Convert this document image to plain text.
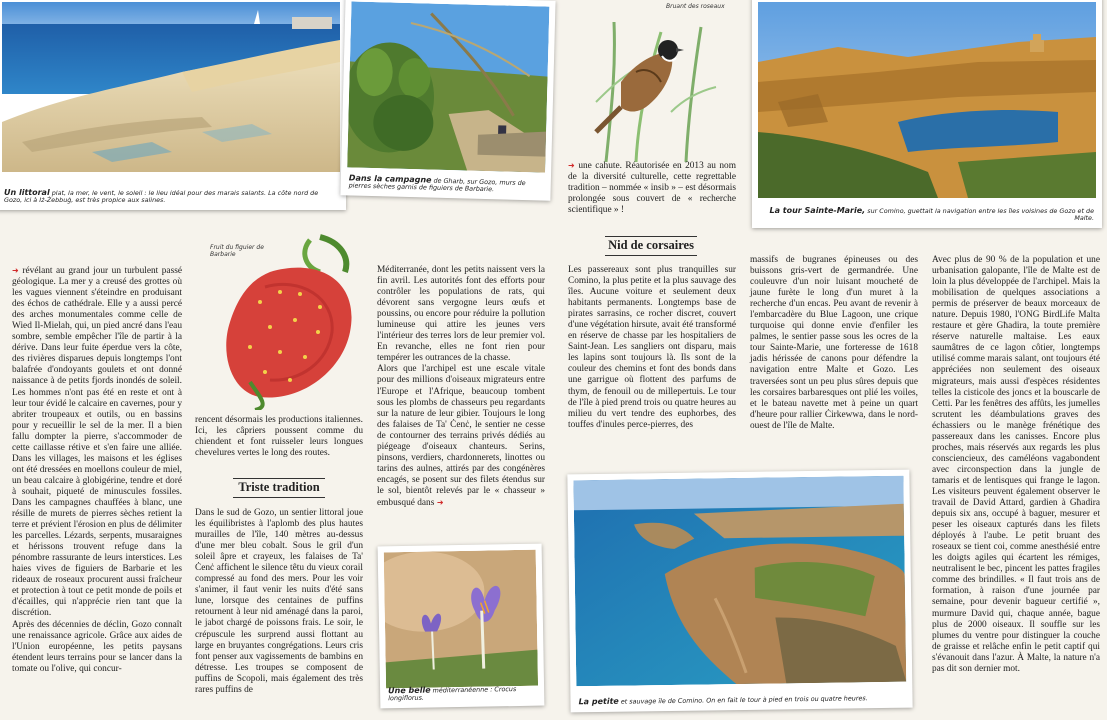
Un littoral plat, la mer, le vent, le soleil : le lieu idéal pour des marais salants. La côte nord de Gozo, ici à Iż-Żebbuġ, est très propice aux salines.
Dans la campagne de Gharb, sur Gozo, murs de pierres sèches garnis de figuiers de Barbarie.
Bruant des roseaux

➜ une cahute. Réautorisée en 2013 au nom de la diversité culturelle, cette regrettable tradition – nommée « insib » – est désormais prolongée sous couvert de « recherche scientifique » !	La tour Sainte-Marie, sur Comino, guettait la navigation entre les îles voisines de Gozo et de Malte.
Fruit du figuier de Barbarie

➜ révélant au grand jour un turbulent passé géologique. La mer y a creusé des grottes où les vagues viennent s'éteindre en produisant des échos de cathédrale. Elle y a aussi percé des arches monumentales comme celle de Wied Il-Mielah, qui, un pied ancré dans l'eau sombre, semble empêcher l'île de partir à la dérive. Dans leur fuite éperdue vers la côte, des rivières disparues depuis longtemps l'ont balafrée d'ondoyants goulets et ont donné naissance à de petits fjords inondés de soleil. Les hommes n'ont pas été en reste et ont à leur tour évidé le calcaire en cavernes, pour y abriter troupeaux et outils, ou en bassins pour y recueillir le sel de la mer. Il a bien fallu dompter la pierre, s'accommoder de cette caillasse rétive et s'en faire une alliée. Dans les villages, les maisons et les églises ont été dressées en moellons couleur de miel, un beau calcaire à globigérine, tendre et doré à souhait, piqueté de minuscules fossiles. Dans les campagnes chauffées à blanc, une résille de murets de pierres sèches retient la terre et prévient l'érosion en plus de délimiter les parcelles. Lézards, serpents, musaraignes et hérissons trouvent refuge dans la pénombre rassurante de leurs interstices. Les haies vives de figuiers de Barbarie et les rideaux de roseaux procurent aussi fraîcheur et protection à tout ce petit monde de poils et d'écailles, qui n'apprécie rien tant que la discrétion.

Après des décennies de déclin, Gozo connaît une renaissance agricole. Grâce aux aides de l'Union européenne, les petits paysans étendent leurs terrains pour se lancer dans la tomate ou l'olive, qui concur-

rencent désormais les productions italiennes. Ici, les câpriers poussent comme du chiendent et font ruisseler leurs longues chevelures vertes le long des routes.

Triste tradition

Dans le sud de Gozo, un sentier littoral joue les équilibristes à l'aplomb des plus hautes murailles de l'île, 140 mètres au-dessus d'une mer bleu cobalt. Sous le gril d'un soleil âpre et crayeux, les falaises de Ta' Ċenċ affichent le silence têtu du vieux corail compressé au fond des mers. Pour les voir s'animer, il faut venir les nuits d'été sans lune, lorsque des centaines de puffins retournent à leur nid aménagé dans la paroi, le jabot chargé de poissons frais. Le soir, le crépuscule les surprend aussi flottant au large en bruyantes congrégations. Leurs cris font penser aux vagissements de bambins en détresse. Les troupes se composent de puffins de Scopoli, mais également des très rares puffins de

Méditerranée, dont les petits naissent vers la fin avril. Les autorités font des efforts pour contrôler les populations de rats, qui dévorent sans vergogne leurs œufs et poussins, ou encore pour réduire la pollution lumineuse qui attire les jeunes vers l'intérieur des terres lors de leur premier vol. En revanche, elles ne font rien pour tempérer les outrances de la chasse.

Alors que l'archipel est une escale vitale pour des millions d'oiseaux migrateurs entre l'Europe et l'Afrique, beaucoup tombent sous les plombs de chasseurs peu regardants sur la nature de leur gibier. Toujours le long des falaises de Ta' Ċenċ, le sentier ne cesse de contourner des terrains privés dédiés au piégeage d'oiseaux chanteurs. Serins, pinsons, verdiers, chardonnerets, linottes ou tarins des aulnes, attirés par des congénères encagés, se posent sur des filets étendus sur le sol, bientôt relevés par le « chasseur » embusqué dans ➜

Une belle méditerranéenne : Crocus longiflorus.
Nid de corsaires

Les passereaux sont plus tranquilles sur Comino, la plus petite et la plus sauvage des îles. Aucune voiture et seulement deux habitants permanents. Longtemps base de pirates sarrasins, ce rocher discret, couvert d'une végétation hirsute, avait été transformé en réserve de chasse par les hospitaliers de Saint-Jean. Les sangliers ont disparu, mais les lapins sont toujours là. Ils sont de la couleur des chemins et font des bonds dans une garrigue où flottent des parfums de thym, de fenouil ou de millepertuis. Le tour de l'île à pied prend trois ou quatre heures au milieu du vert tendre des euphorbes, des touffes d'inules perce-pierres, des

massifs de bugranes épineuses ou des buissons gris-vert de germandrée. Une couleuvre d'un noir luisant moucheté de jaune furète le long d'un muret à la recherche d'un encas. Peu avant de revenir à l'embarcadère du Blue Lagoon, une crique turquoise qui donne envie d'enfiler les palmes, le sentier passe sous les ocres de la tour Sainte-Marie, une forteresse de 1618 jadis hérissée de canons pour défendre la navigation entre Malte et Gozo. Les traversées sont un peu plus sûres depuis que les corsaires barbaresques ont plié les voiles, et le bateau navette met à peine un quart d'heure pour rallier Ċirkewwa, dans le nord-ouest de l'île de Malte.

La petite et sauvage île de Comino. On en fait le tour à pied en trois ou quatre heures.

Avec plus de 90 % de la population et une urbanisation galopante, l'île de Malte est de loin la plus développée de l'archipel. Mais la mobilisation de quelques associations a permis de préserver de beaux morceaux de nature. Depuis 1980, l'ONG BirdLife Malta restaure et gère Għadira, la toute première réserve naturelle maltaise. Les eaux saumâtres de ce lagon côtier, longtemps utilisé comme marais salant, ont toujours été appréciées non seulement des oiseaux migrateurs, mais aussi d'espèces résidentes telles la cisticole des joncs et la bouscarle de Cetti. Par les fenêtres des affûts, les jumelles scrutent les déambulations graves des échassiers ou le manège frénétique des passereaux dans les canisses. Encore plus proches, mais réservés aux regards les plus consciencieux, des caméléons vagabondent avec circonspection dans la jungle de tamaris et de lentisques qui frange le lagon. Les visiteurs peuvent également observer le travail de David Attard, gardien à Għadira depuis six ans, occupé à baguer, mesurer et peser les oiseaux capturés dans les filets déployés à l'aube. Le petit bruant des roseaux se tient coi, comme anesthésié entre les doigts agiles qui écartent les rémiges, neutralisent le bec, pincent les pattes fragiles comme des brindilles. « Il faut trois ans de formation, à raison d'une journée par semaine, pour devenir bagueur certifié », murmure David qui, chaque année, bague plus de 2000 oiseaux. Il souffle sur les plumes du ventre pour distinguer la couche de graisse et relâche enfin le petit captif qui s'évanouit dans l'azur. À Malte, la nature n'a pas dit son dernier mot.
